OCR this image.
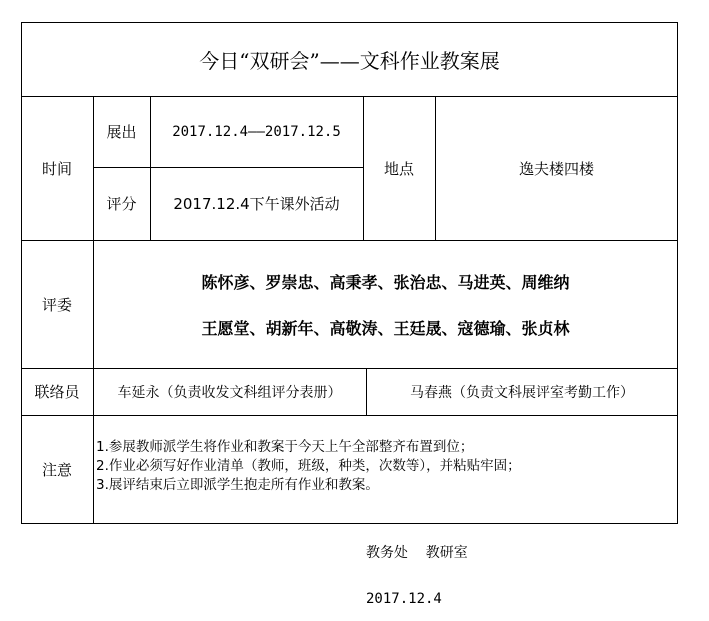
今日“双研会”——文科作业教案展
时间
展出	2017.12.4——2017.12.5
评分	2017.12.4下午课外活动
地点	逸夫楼四楼
评委
陈怀彦、罗崇忠、高秉孝、张治忠、马进英、周维纳
王愿堂、胡新年、高敬涛、王廷晟、寇德瑜、张贞林
联络员	车延永（负责收发文科组评分表册）	马春燕（负责文科展评室考勤工作）
注意
1.参展教师派学生将作业和教案于今天上午全部整齐布置到位；
2.作业必须写好作业清单（教师，班级，种类，次数等），并粘贴牢固；
3.展评结束后立即派学生抱走所有作业和教案。
教务处    教研室
2017.12.4
